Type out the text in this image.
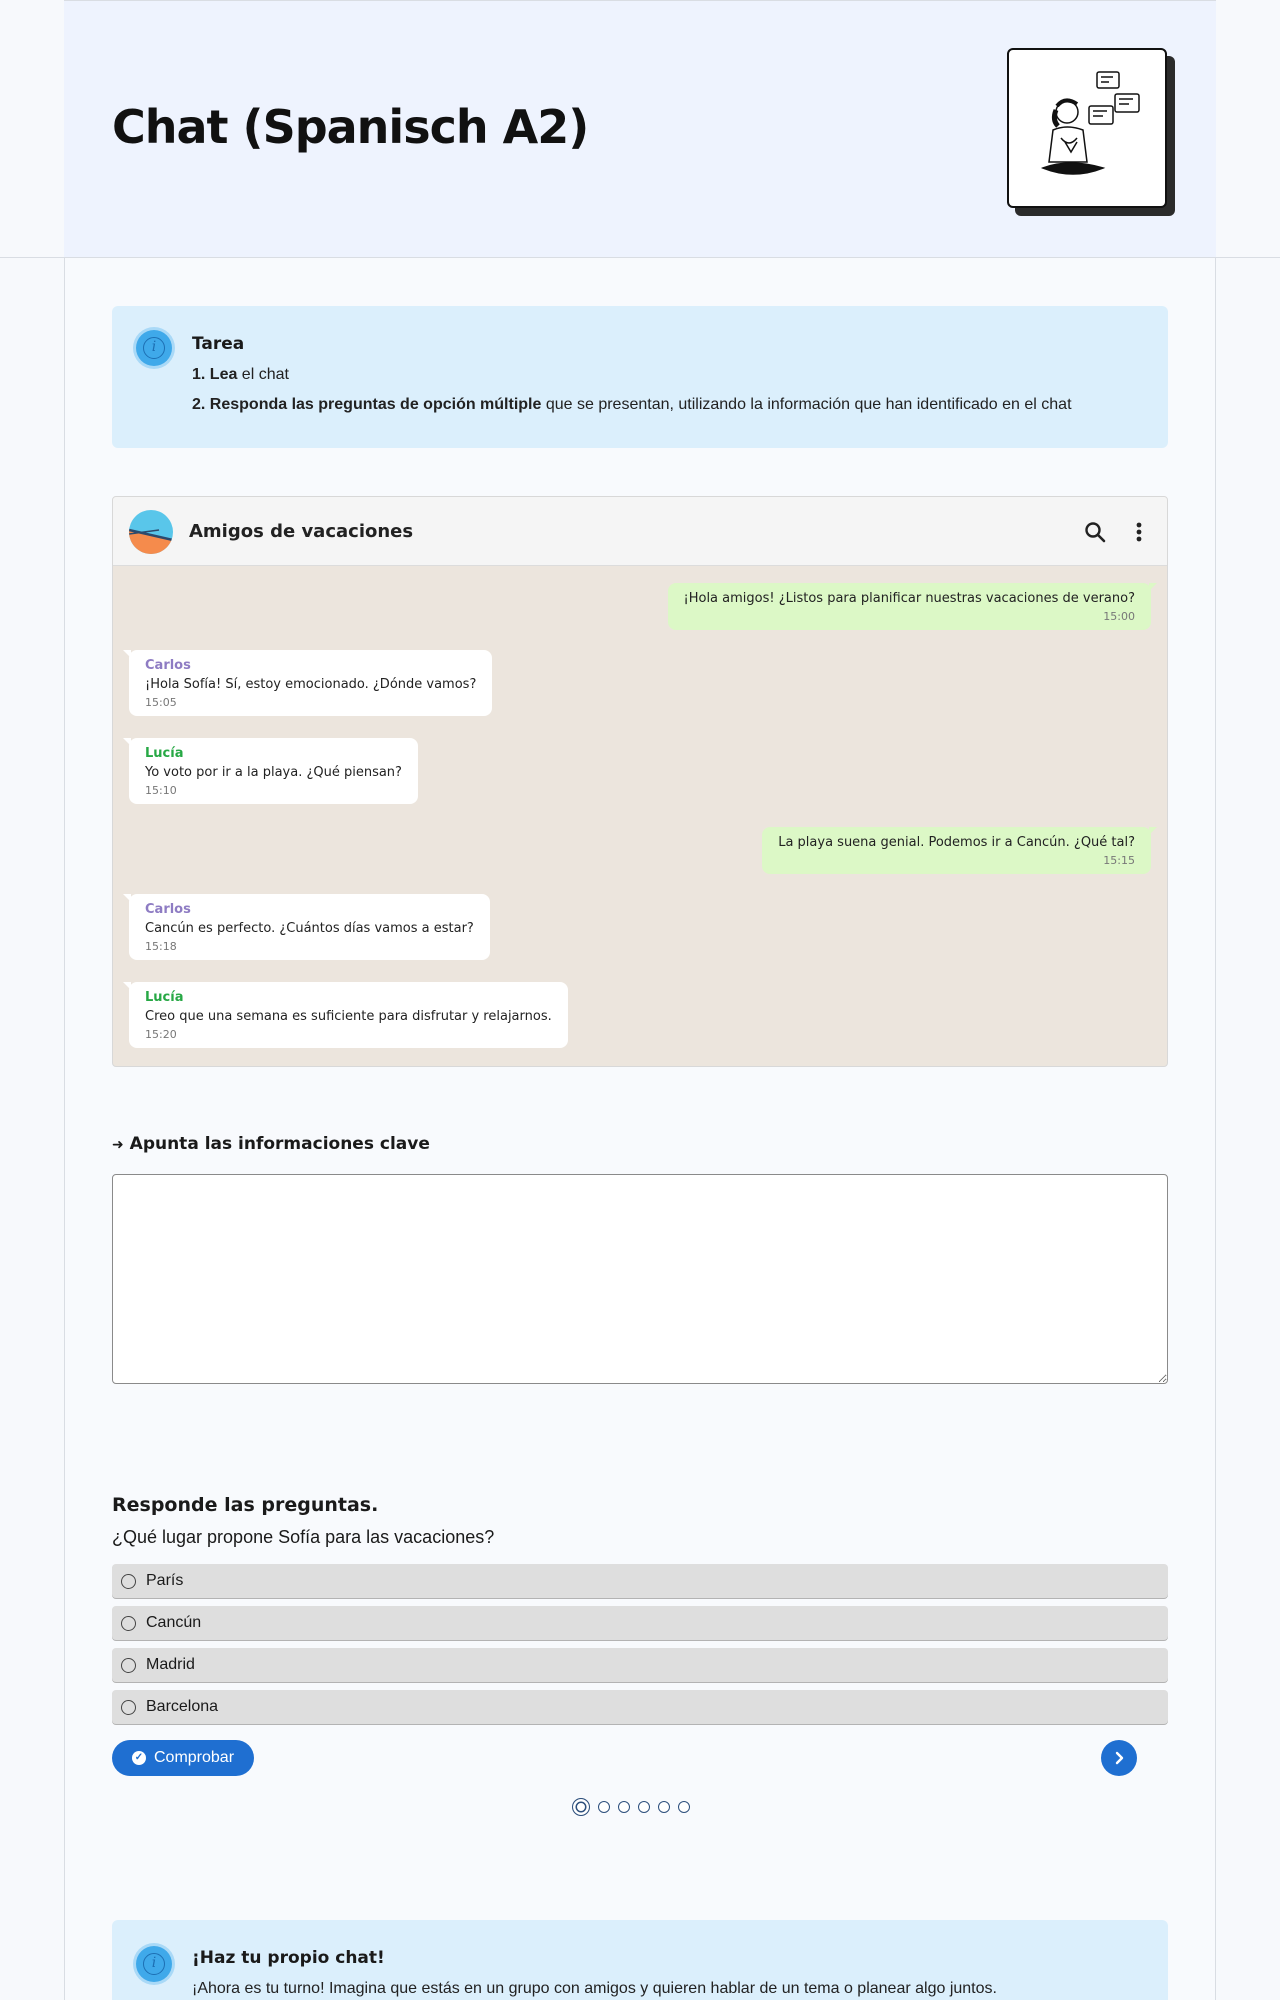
Chat (Spanisch A2)
i	Tarea
1. Lea el chat
2. Responda las preguntas de opción múltiple que se presentan, utilizando la información que han identificado en el chat
Amigos de vacaciones
¡Hola amigos! ¿Listos para planificar nuestras vacaciones de verano?
15:00
Carlos
¡Hola Sofía! Sí, estoy emocionado. ¿Dónde vamos?
15:05
Lucía
Yo voto por ir a la playa. ¿Qué piensan?
15:10
La playa suena genial. Podemos ir a Cancún. ¿Qué tal?
15:15
Carlos
Cancún es perfecto. ¿Cuántos días vamos a estar?
15:18
Lucía
Creo que una semana es suficiente para disfrutar y relajarnos.
15:20
➜ Apunta las informaciones clave
Responde las preguntas.
¿Qué lugar propone Sofía para las vacaciones?
París
Cancún
Madrid
Barcelona
✓ Comprobar
i	¡Haz tu propio chat!
¡Ahora es tu turno! Imagina que estás en un grupo con amigos y quieren hablar de un tema o planear algo juntos.
